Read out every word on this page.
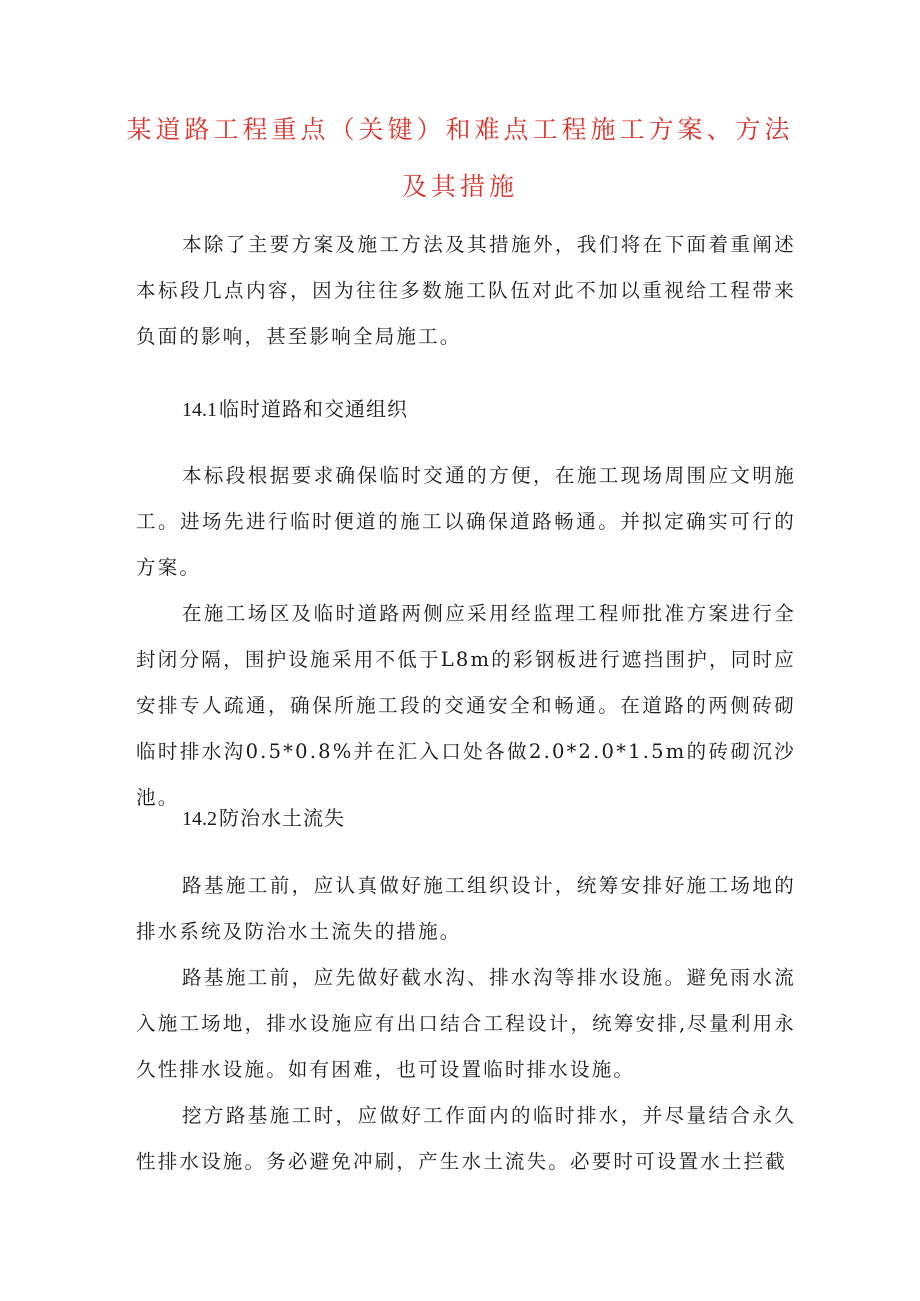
某道路工程重点（关键）和难点工程施工方案、方法
及其措施

本除了主要方案及施工方法及其措施外，我们将在下面着重阐述本标段几点内容，因为往往多数施工队伍对此不加以重视给工程带来负面的影响，甚至影响全局施工。

14.1 临时道路和交通组织

本标段根据要求确保临时交通的方便，在施工现场周围应文明施工。进场先进行临时便道的施工以确保道路畅通。并拟定确实可行的方案。

在施工场区及临时道路两侧应采用经监理工程师批准方案进行全封闭分隔，围护设施采用不低于L8m的彩钢板进行遮挡围护，同时应安排专人疏通，确保所施工段的交通安全和畅通。在道路的两侧砖砌临时排水沟0.5*0.8%并在汇入口处各做2.0*2.0*1.5m的砖砌沉沙池。

14.2 防治水土流失

路基施工前，应认真做好施工组织设计，统筹安排好施工场地的排水系统及防治水土流失的措施。

路基施工前，应先做好截水沟、排水沟等排水设施。避免雨水流入施工场地，排水设施应有出口结合工程设计，统筹安排,尽量利用永久性排水设施。如有困难，也可设置临时排水设施。

挖方路基施工时，应做好工作面内的临时排水，并尽量结合永久性排水设施。务必避免冲刷，产生水土流失。必要时可设置水土拦截
